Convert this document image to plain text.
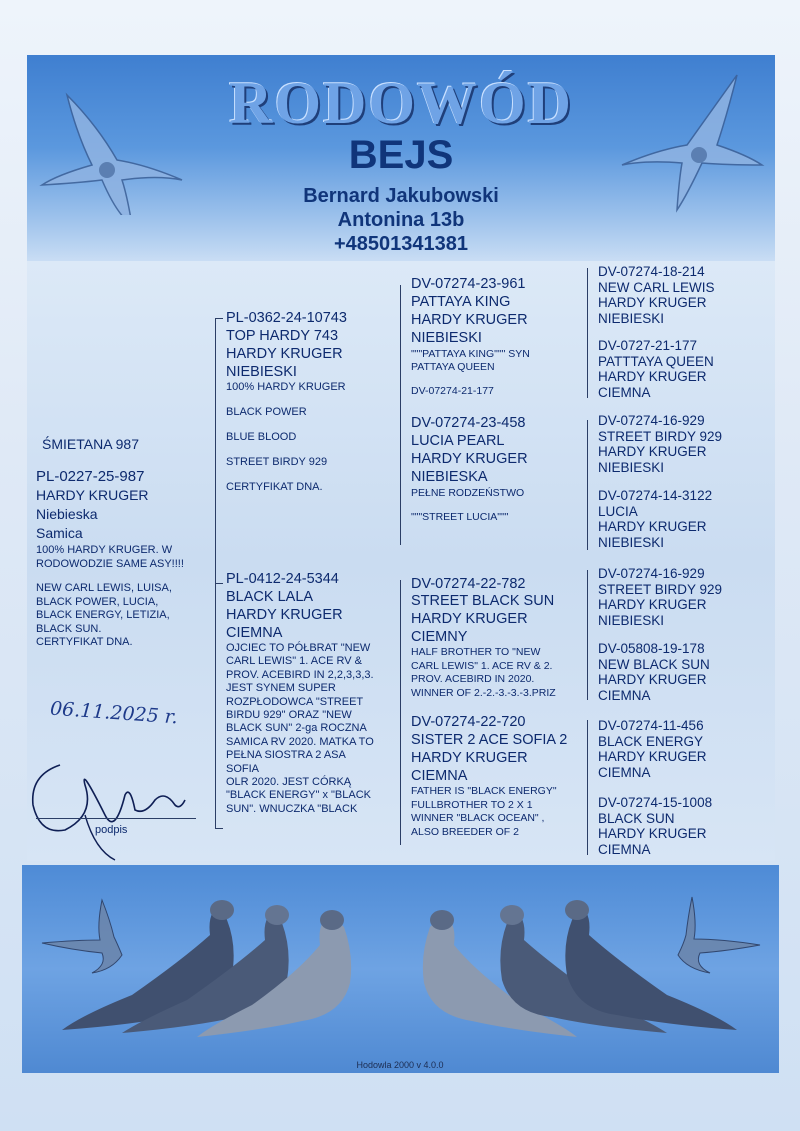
RODOWÓD
BEJS
Bernard Jakubowski
Antonina 13b
+48501341381
ŚMIETANA 987
PL-0227-25-987
HARDY KRUGER
Niebieska
Samica
100% HARDY KRUGER. W
RODOWODZIE SAME ASY!!!!
NEW CARL LEWIS, LUISA,
BLACK POWER, LUCIA,
BLACK ENERGY, LETIZIA,
BLACK SUN.
CERTYFIKAT DNA.
06.11.2025 r.
podpis
PL-0362-24-10743
TOP HARDY 743
HARDY KRUGER
NIEBIESKI
100% HARDY KRUGER
BLACK POWER
BLUE BLOOD
STREET BIRDY 929
CERTYFIKAT DNA.
PL-0412-24-5344
BLACK LALA
HARDY KRUGER
CIEMNA
OJCIEC TO PÓŁBRAT "NEW
CARL LEWIS" 1. ACE RV &
PROV. ACEBIRD IN 2,2,3,3,3.
JEST SYNEM SUPER
ROZPŁODOWCA "STREET
BIRDU 929" ORAZ "NEW
BLACK SUN" 2-ga ROCZNA
SAMICA RV 2020. MATKA TO
PEŁNA SIOSTRA 2 ASA
SOFIA
OLR 2020. JEST CÓRKĄ
"BLACK ENERGY" x "BLACK
SUN". WNUCZKA "BLACK
DV-07274-23-961
PATTAYA KING
HARDY KRUGER
NIEBIESKI
"""PATTAYA KING""" SYN
PATTAYA QUEEN
DV-07274-21-177
DV-07274-23-458
LUCIA PEARL
HARDY KRUGER
NIEBIESKA
PEŁNE RODZEŃSTWO
"""STREET LUCIA"""
DV-07274-22-782
STREET BLACK SUN
HARDY KRUGER
CIEMNY
HALF BROTHER TO "NEW
CARL LEWIS" 1. ACE RV & 2.
PROV. ACEBIRD IN 2020.
WINNER OF 2.-2.-3.-3.-3.PRIZ
DV-07274-22-720
SISTER 2 ACE SOFIA 2
HARDY KRUGER
CIEMNA
FATHER IS "BLACK ENERGY"
FULLBROTHER TO 2 X 1
WINNER "BLACK OCEAN" ,
ALSO BREEDER OF 2
DV-07274-18-214
NEW CARL LEWIS
HARDY KRUGER
NIEBIESKI
DV-0727-21-177
PATTTAYA QUEEN
HARDY KRUGER
CIEMNA
DV-07274-16-929
STREET BIRDY 929
HARDY KRUGER
NIEBIESKI
DV-07274-14-3122
LUCIA
HARDY KRUGER
NIEBIESKI
DV-07274-16-929
STREET BIRDY 929
HARDY KRUGER
NIEBIESKI
DV-05808-19-178
NEW BLACK SUN
HARDY KRUGER
CIEMNA
DV-07274-11-456
BLACK ENERGY
HARDY KRUGER
CIEMNA
DV-07274-15-1008
BLACK SUN
HARDY KRUGER
CIEMNA
Hodowla 2000 v 4.0.0
